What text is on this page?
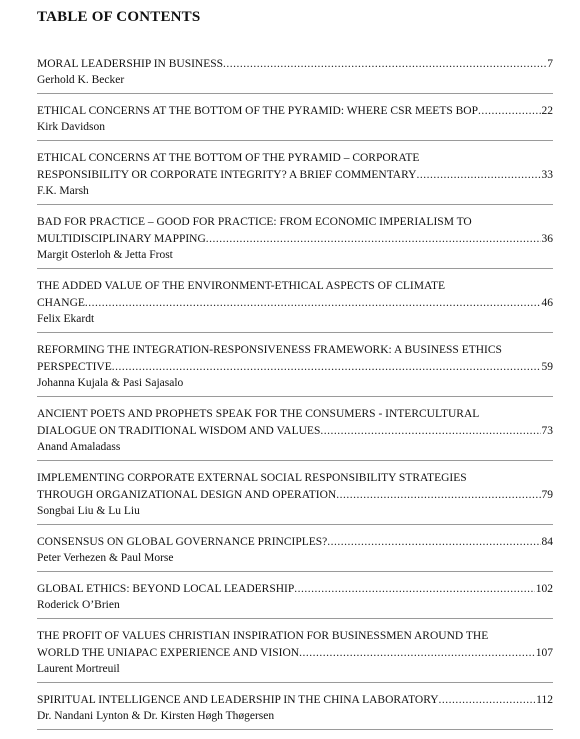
TABLE OF CONTENTS
MORAL LEADERSHIP IN BUSINESS .....	7
Gerhold K. Becker
ETHICAL CONCERNS AT THE BOTTOM OF THE PYRAMID: WHERE CSR MEETS BOP .....	22
Kirk Davidson
ETHICAL CONCERNS AT THE BOTTOM OF THE PYRAMID – CORPORATE
RESPONSIBILITY OR CORPORATE INTEGRITY? A BRIEF COMMENTARY .....	33
F.K. Marsh
BAD FOR PRACTICE – GOOD FOR PRACTICE: FROM ECONOMIC IMPERIALISM TO
MULTIDISCIPLINARY MAPPING .....	36
Margit Osterloh & Jetta Frost
THE ADDED VALUE OF THE ENVIRONMENT-ETHICAL ASPECTS OF CLIMATE
CHANGE .....	46
Felix Ekardt
REFORMING THE INTEGRATION-RESPONSIVENESS FRAMEWORK: A BUSINESS ETHICS
PERSPECTIVE .....	59
Johanna Kujala & Pasi Sajasalo
ANCIENT POETS AND PROPHETS SPEAK FOR THE CONSUMERS - INTERCULTURAL
DIALOGUE ON TRADITIONAL WISDOM AND VALUES .....	73
Anand Amaladass
IMPLEMENTING CORPORATE EXTERNAL SOCIAL RESPONSIBILITY STRATEGIES
THROUGH ORGANIZATIONAL DESIGN AND OPERATION .....	79
Songbai Liu & Lu Liu
CONSENSUS ON GLOBAL GOVERNANCE PRINCIPLES? .....	84
Peter Verhezen & Paul Morse
GLOBAL ETHICS: BEYOND LOCAL LEADERSHIP .....	102
Roderick O’Brien
THE PROFIT OF VALUES CHRISTIAN INSPIRATION FOR BUSINESSMEN AROUND THE
WORLD THE UNIAPAC EXPERIENCE AND VISION .....	107
Laurent Mortreuil
SPIRITUAL INTELLIGENCE AND LEADERSHIP IN THE CHINA LABORATORY .....	112
Dr. Nandani Lynton & Dr. Kirsten Høgh Thøgersen
